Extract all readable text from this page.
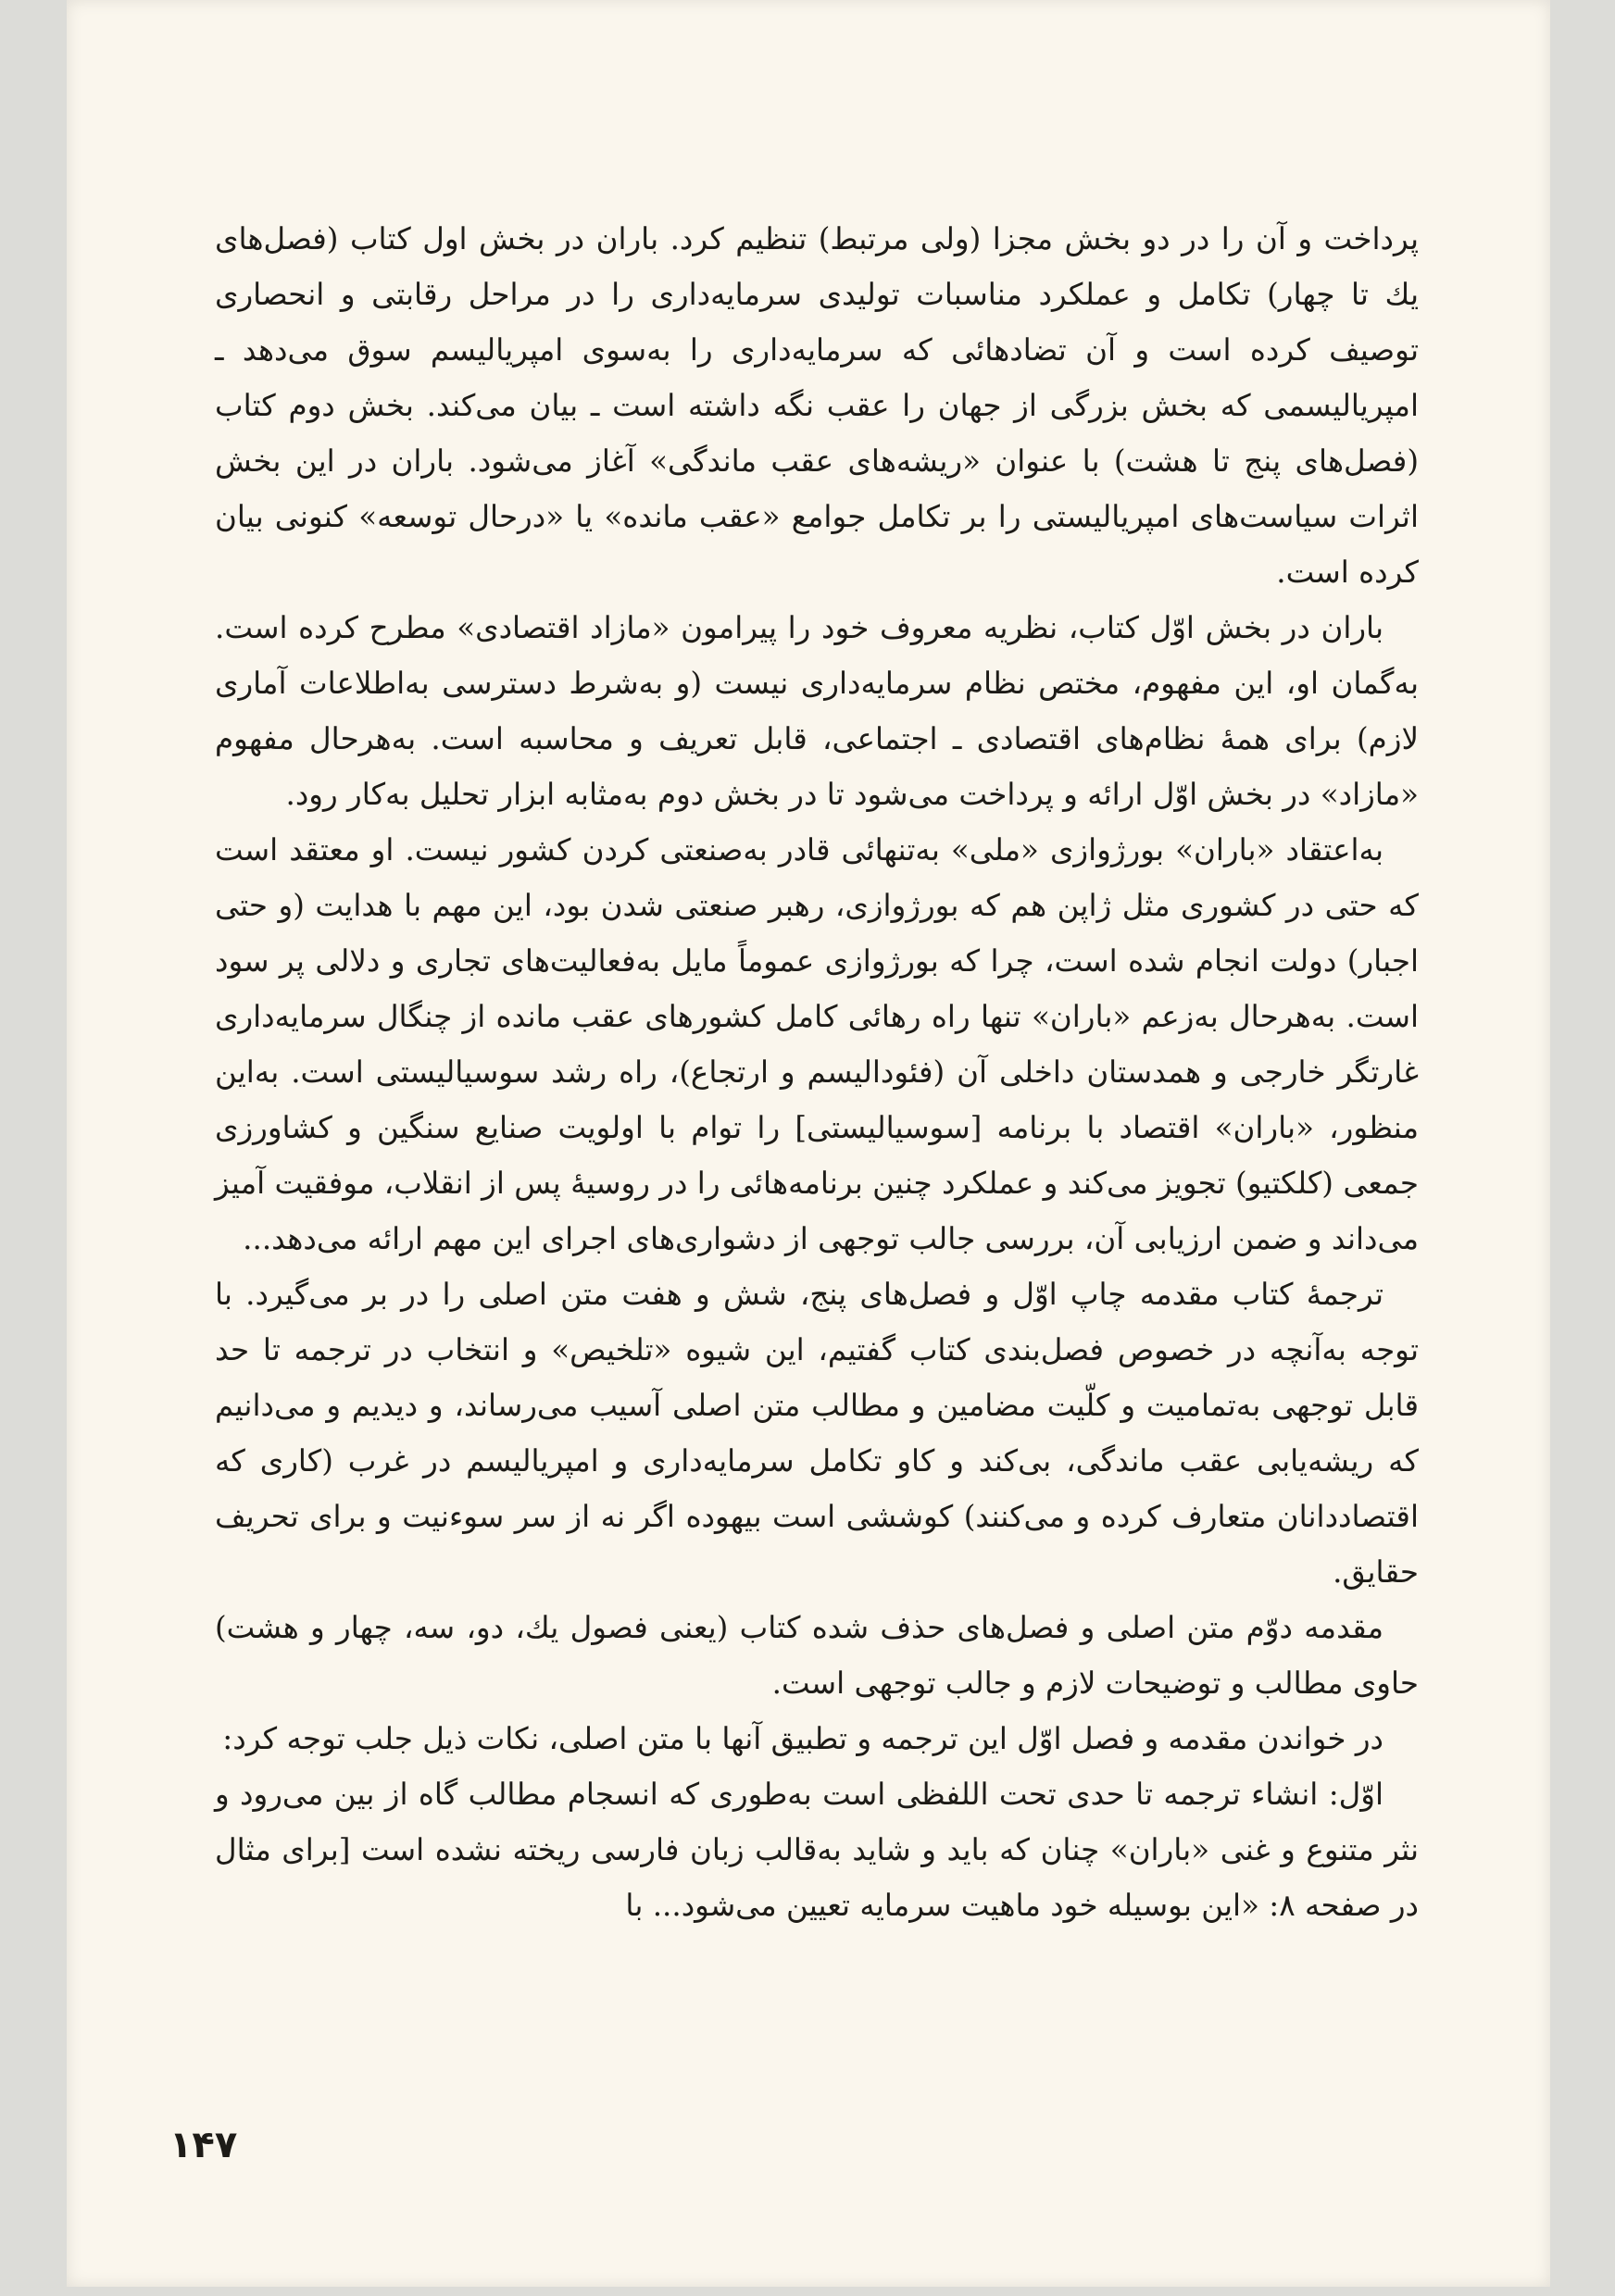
پرداخت و آن را در دو بخش مجزا (ولی مرتبط) تنظیم کرد. باران در بخش اول کتاب (فصل‌های یك تا چهار) تکامل و عملکرد مناسبات تولیدی سرمایه‌داری را در مراحل رقابتی و انحصاری توصیف کرده است و آن تضادهائی که سرمایه‌داری را به‌سوی امپریالیسم سوق می‌دهد ـ امپریالیسمی که بخش بزرگی از جهان را عقب نگه داشته است ـ بیان می‌کند. بخش دوم کتاب (فصل‌های پنج تا هشت) با عنوان «ریشه‌های عقب ماندگی» آغاز می‌شود. باران در این بخش اثرات سیاست‌های امپریالیستی را بر تکامل جوامع «عقب مانده» یا «درحال توسعه» کنونی بیان کرده است.

باران در بخش اوّل کتاب، نظریه معروف خود را پیرامون «مازاد اقتصادی» مطرح کرده است. به‌گمان او، این مفهوم، مختص نظام سرمایه‌داری نیست (و به‌شرط دسترسی به‌اطلاعات آماری لازم) برای همهٔ نظام‌های اقتصادی ـ اجتماعی، قابل تعریف و محاسبه است. به‌هرحال مفهوم «مازاد» در بخش اوّل ارائه و پرداخت می‌شود تا در بخش دوم به‌مثابه ابزار تحلیل به‌کار رود.

به‌اعتقاد «باران» بورژوازی «ملی» به‌تنهائی قادر به‌صنعتی کردن کشور نیست. او معتقد است که حتی در کشوری مثل ژاپن هم که بورژوازی، رهبر صنعتی شدن بود، این مهم با هدایت (و حتی اجبار) دولت انجام شده است، چرا که بورژوازی عموماً مایل به‌فعالیت‌های تجاری و دلالی پر سود است. به‌هرحال به‌زعم «باران» تنها راه رهائی کامل کشورهای عقب مانده از چنگال سرمایه‌داری غارتگر خارجی و همدستان داخلی آن (فئودالیسم و ارتجاع)، راه رشد سوسیالیستی است. به‌این منظور، «باران» اقتصاد با برنامه [سوسیالیستی] را توام با اولویت صنایع سنگین و کشاورزی جمعی (کلکتیو) تجویز می‌کند و عملکرد چنین برنامه‌هائی را در روسیهٔ پس از انقلاب، موفقیت آمیز می‌داند و ضمن ارزیابی آن، بررسی جالب توجهی از دشواری‌های اجرای این مهم ارائه می‌دهد...

ترجمهٔ کتاب مقدمه چاپ اوّل و فصل‌های پنج، شش و هفت متن اصلی را در بر می‌گیرد. با توجه به‌آنچه در خصوص فصل‌بندی کتاب گفتیم، این شیوه «تلخیص» و انتخاب در ترجمه تا حد قابل توجهی به‌تمامیت و کلّیت مضامین و مطالب متن اصلی آسیب می‌رساند، و دیدیم و می‌دانیم که ریشه‌یابی عقب ماندگی، بی‌کند و کاو تکامل سرمایه‌داری و امپریالیسم در غرب (کاری که اقتصاددانان متعارف کرده و می‌کنند) کوششی است بیهوده اگر نه از سر سوءنیت و برای تحریف حقایق.

مقدمه دوّم متن اصلی و فصل‌های حذف شده کتاب (یعنی فصول یك، دو، سه، چهار و هشت) حاوی مطالب و توضیحات لازم و جالب توجهی است.

در خواندن مقدمه و فصل اوّل این ترجمه و تطبیق آنها با متن اصلی، نکات ذیل جلب توجه کرد:

اوّل: انشاء ترجمه تا حدی تحت اللفظی است به‌طوری که انسجام مطالب گاه از بین می‌رود و نثر متنوع و غنی «باران» چنان که باید و شاید به‌قالب زبان فارسی ریخته نشده است [برای مثال در صفحه ۸: «این بوسیله خود ماهیت سرمایه تعیین می‌شود... با

۱۴۷
